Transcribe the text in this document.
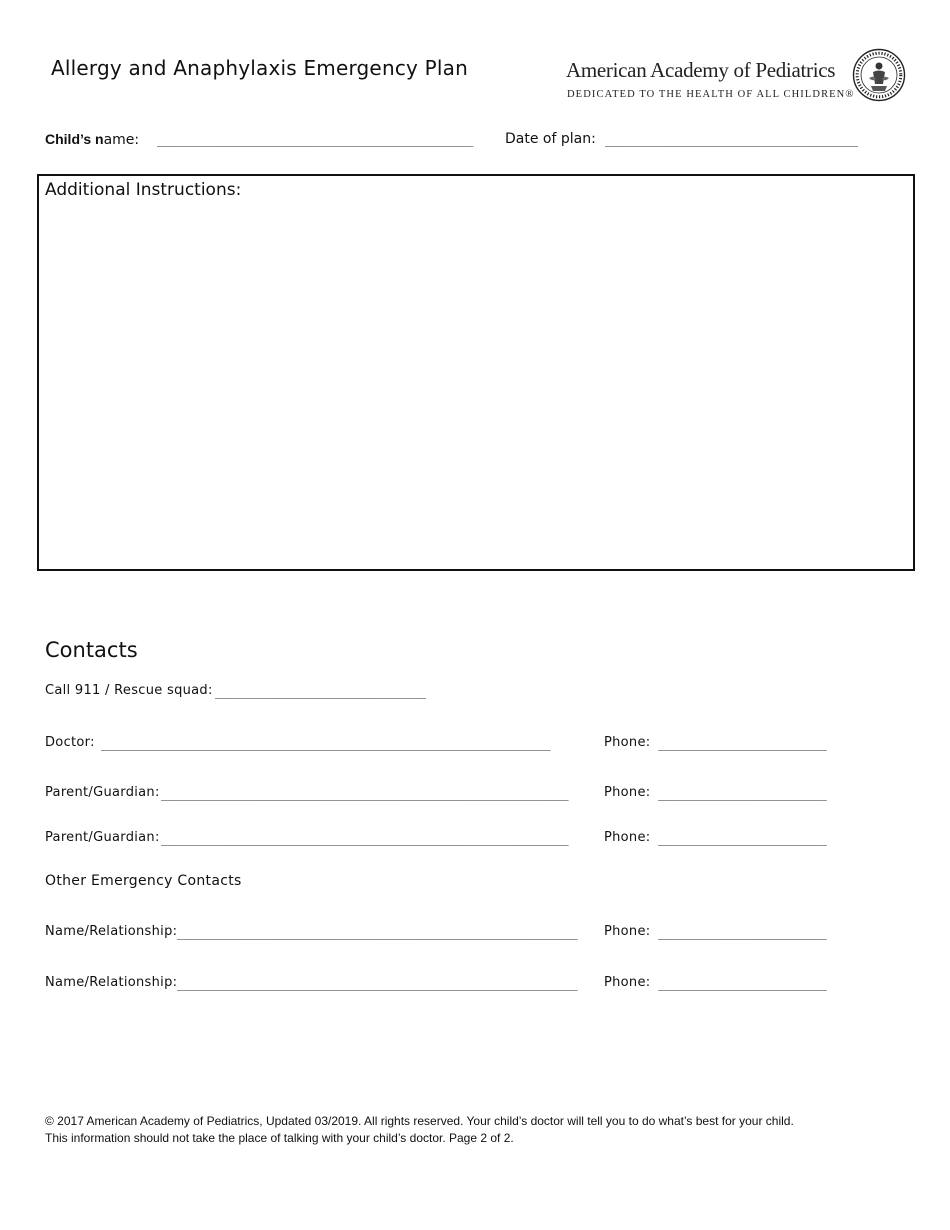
Allergy and Anaphylaxis Emergency Plan	American Academy of Pediatrics
DEDICATED TO THE HEALTH OF ALL CHILDREN®
Child’s name: _____________________________________________ Date of plan: ____________________________________
Additional Instructions:
Contacts
Call 911 / Rescue squad: ______________________________
Doctor: ________________________________________________________________	Phone: ________________________
Parent/Guardian: __________________________________________________________	Phone: ________________________
Parent/Guardian: __________________________________________________________	Phone: ________________________
Other Emergency Contacts
Name/Relationship: _________________________________________________________ Phone: ________________________
Name/Relationship: _________________________________________________________ Phone: ________________________
© 2017 American Academy of Pediatrics, Updated 03/2019. All rights reserved. Your child’s doctor will tell you to do what’s best for your child.
This information should not take the place of talking with your child’s doctor. Page 2 of 2.
